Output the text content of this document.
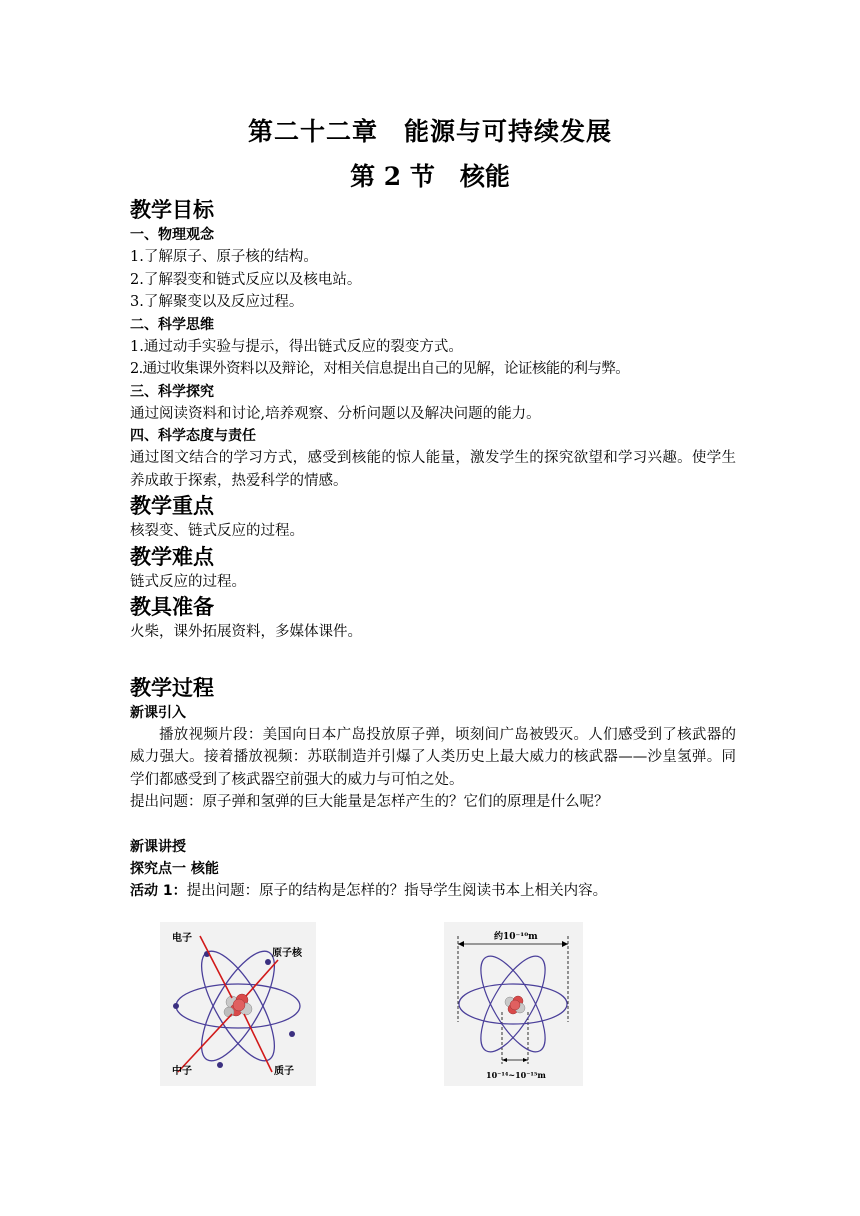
第二十二章　能源与可持续发展
第 2 节　核能
教学目标
一、物理观念
1.了解原子、原子核的结构。
2.了解裂变和链式反应以及核电站。
3.了解聚变以及反应过程。
二、科学思维
1.通过动手实验与提示，得出链式反应的裂变方式。
2.通过收集课外资料以及辩论，对相关信息提出自己的见解，论证核能的利与弊。
三、科学探究
通过阅读资料和讨论,培养观察、分析问题以及解决问题的能力。
四、科学态度与责任
通过图文结合的学习方式，感受到核能的惊人能量，激发学生的探究欲望和学习兴趣。使学生养成敢于探索，热爱科学的情感。
教学重点
核裂变、链式反应的过程。
教学难点
链式反应的过程。
教具准备
火柴，课外拓展资料，多媒体课件。
教学过程
新课引入
播放视频片段：美国向日本广岛投放原子弹，顷刻间广岛被毁灭。人们感受到了核武器的威力强大。接着播放视频：苏联制造并引爆了人类历史上最大威力的核武器——沙皇氢弹。同学们都感受到了核武器空前强大的威力与可怕之处。
提出问题：原子弹和氢弹的巨大能量是怎样产生的？它们的原理是什么呢？
新课讲授
探究点一 核能
活动 1：提出问题：原子的结构是怎样的？指导学生阅读书本上相关内容。
电子
原子核
中子	质子
约10⁻¹⁰m
10⁻¹⁴~10⁻¹⁵m
